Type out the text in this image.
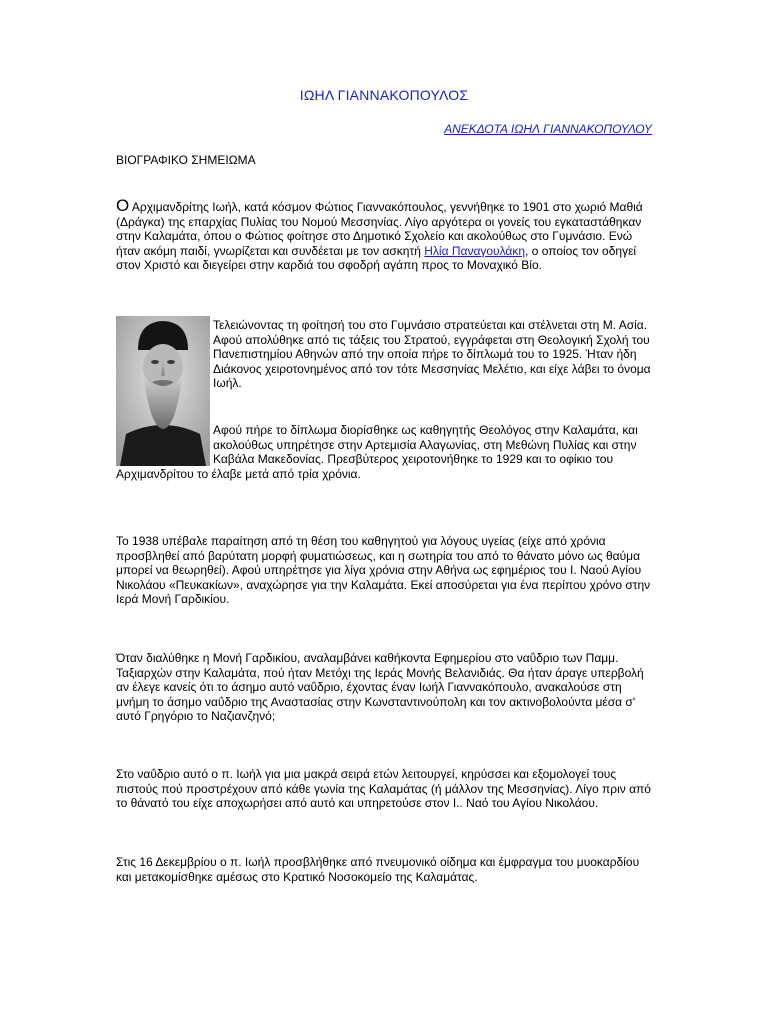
ΙΩΗΛ ΓΙΑΝΝΑΚΟΠΟΥΛΟΣ
ΑΝΕΚΔΟΤΑ ΙΩΗΛ ΓΙΑΝΝΑΚΟΠΟΥΛΟΥ
ΒΙΟΓΡΑΦΙΚΟ ΣΗΜΕΙΩΜΑ
Ο Αρχιμανδρίτης Ιωήλ, κατά κόσμον Φώτιος Γιαννακόπουλος, γεννήθηκε το 1901 στο χωριό Μαθιά (Δράγκα) της επαρχίας Πυλίας του Νομού Μεσσηνίας. Λίγο αργότερα οι γονείς του εγκαταστάθηκαν στην Καλαμάτα, όπου ο Φώτιος φοίτησε στο Δημοτικό Σχολείο και ακολούθως στο Γυμνάσιο. Ενώ ήταν ακόμη παιδί, γνωρίζεται και συνδέεται με τον ασκητή Ηλία Παναγουλάκη, ο οποίος τον οδηγεί στον Χριστό και διεγείρει στην καρδιά του σφοδρή αγάπη προς το Μοναχικό Βίο.
Τελειώνοντας τη φοίτησή του στο Γυμνάσιο στρατεύεται και στέλνεται στη Μ. Ασία. Αφού απολύθηκε από τις τάξεις του Στρατού, εγγράφεται στη Θεολογική Σχολή του Πανεπιστημίου Αθηνών από την οποία πήρε το δίπλωμά του το 1925. Ήταν ήδη Διάκονος χειροτονημένος από τον τότε Μεσσηνίας Μελέτιο, και είχε λάβει το όνομα Ιωήλ.
Αφού πήρε το δίπλωμα διορίσθηκε ως καθηγητής Θεολόγος στην Καλαμάτα, και ακολούθως υπηρέτησε στην Αρτεμισία Αλαγωνίας, στη Μεθώνη Πυλίας και στην Καβάλα Μακεδονίας. Πρεσβύτερος χειροτονήθηκε το 1929 και το οφίκιο του Αρχιμανδρίτου το έλαβε μετά από τρία χρόνια.
Το 1938 υπέβαλε παραίτηση από τη θέση του καθηγητού για λόγους υγείας (είχε από χρόνια προσβληθεί από βαρύτατη μορφή φυματιώσεως, και η σωτηρία του από το θάνατο μόνο ως θαύμα μπορεί να θεωρηθεί). Αφού υπηρέτησε για λίγα χρόνια στην Αθήνα ως εφημέριος του Ι. Ναού Αγίου Νικολάου «Πευκακίων», αναχώρησε για την Καλαμάτα. Εκεί αποσύρεται για ένα περίπου χρόνο στην Ιερά Μονή Γαρδικίου.
Όταν διαλύθηκε η Μονή Γαρδικίου, αναλαμβάνει καθήκοντα Εφημερίου στο ναΰδριο των Παμμ. Ταξιαρχών στην Καλαμάτα, πού ήταν Μετόχι της Ιεράς Μονής Βελανιδιάς. Θα ήταν άραγε υπερβολή αν έλεγε κανείς ότι το άσημο αυτό ναΰδριο, έχοντας έναν Ιωήλ Γιαννακόπουλο, ανακαλούσε στη μνήμη το άσημο ναΰδριο της Αναστασίας στην Κωνσταντινούπολη και τον ακτινοβολούντα μέσα σ' αυτό Γρηγόριο το Ναζιανζηνό;
Στο ναΰδριο αυτό ο π. Ιωήλ για μια μακρά σειρά ετών λειτουργεί, κηρύσσει και εξομολογεί τους πιστούς πού προστρέχουν από κάθε γωνία της Καλαμάτας (ή μάλλον της Μεσσηνίας). Λίγο πριν από το θάνατό του είχε αποχωρήσει από αυτό και υπηρετούσε στον Ι.. Ναό του Αγίου Νικολάου.
Στις 16 Δεκεμβρίου ο π. Ιωήλ προσβλήθηκε από πνευμονικό οίδημα και έμφραγμα του μυοκαρδίου και μετακομίσθηκε αμέσως στο Κρατικό Νοσοκομείο της Καλαμάτας.
